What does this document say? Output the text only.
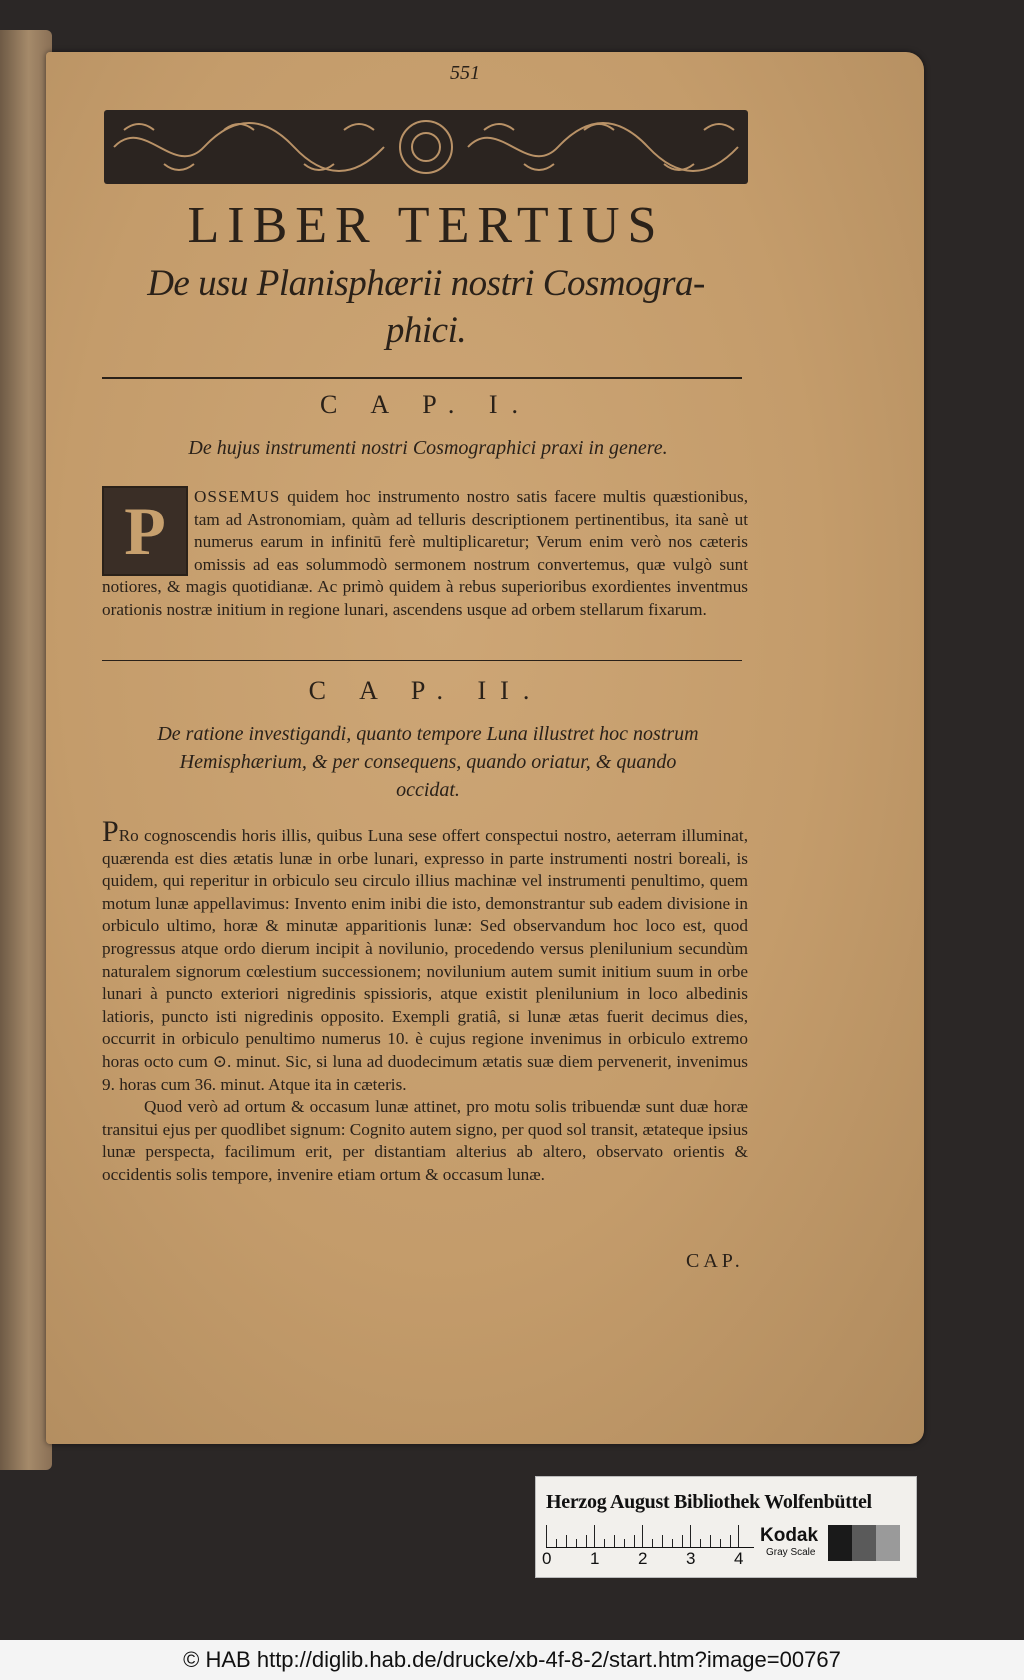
551
LIBER TERTIUS
De usu Planisphærii nostri Cosmogra-
phici.
C A P. I.
De hujus instrumenti nostri Cosmographici praxi in genere.
P	OSSEMUS quidem hoc instrumento nostro satis facere multis quæstionibus, tam ad Astronomiam, quàm ad telluris descriptionem pertinentibus, ita sanè ut numerus earum in infinitū ferè multiplicaretur; Verum enim verò nos cæteris omissis ad eas solummodò sermonem nostrum convertemus, quæ vulgò sunt notiores, & magis quotidianæ. Ac primò quidem à rebus superioribus exordientes inventmus orationis nostræ initium in regione lunari, ascendens usque ad orbem stellarum fixarum.
C A P. II.
De ratione investigandi, quanto tempore Luna illustret hoc nostrum
Hemisphærium, & per consequens, quando oriatur, & quando
occidat.
PRo cognoscendis horis illis, quibus Luna sese offert conspectui nostro, aeterram illuminat, quærenda est dies ætatis lunæ in orbe lunari, expresso in parte instrumenti nostri boreali, is quidem, qui reperitur in orbiculo seu circulo illius machinæ vel instrumenti penultimo, quem motum lunæ appellavimus: Invento enim inibi die isto, demonstrantur sub eadem divisione in orbiculo ultimo, horæ & minutæ apparitionis lunæ: Sed observandum hoc loco est, quod progressus atque ordo dierum incipit à novilunio, procedendo versus plenilunium secundùm naturalem signorum cœlestium successionem; novilunium autem sumit initium suum in orbe lunari à puncto exteriori nigredinis spissioris, atque existit plenilunium in loco albedinis latioris, puncto isti nigredinis opposito. Exempli gratiâ, si lunæ ætas fuerit decimus dies, occurrit in orbiculo penultimo numerus 10. è cujus regione invenimus in orbiculo extremo horas octo cum ⊙. minut. Sic, si luna ad duodecimum ætatis suæ diem pervenerit, invenimus 9. horas cum 36. minut. Atque ita in cæteris.
Quod verò ad ortum & occasum lunæ attinet, pro motu solis tribuendæ sunt duæ horæ transitui ejus per quodlibet signum: Cognito autem signo, per quod sol transit, ætateque ipsius lunæ perspecta, facilimum erit, per distantiam alterius ab altero, observato orientis & occidentis solis tempore, invenire etiam ortum & occasum lunæ.
CAP.
Herzog August Bibliothek Wolfenbüttel
0 1 2 3 4
Kodak
Gray Scale
© HAB http://diglib.hab.de/drucke/xb-4f-8-2/start.htm?image=00767
